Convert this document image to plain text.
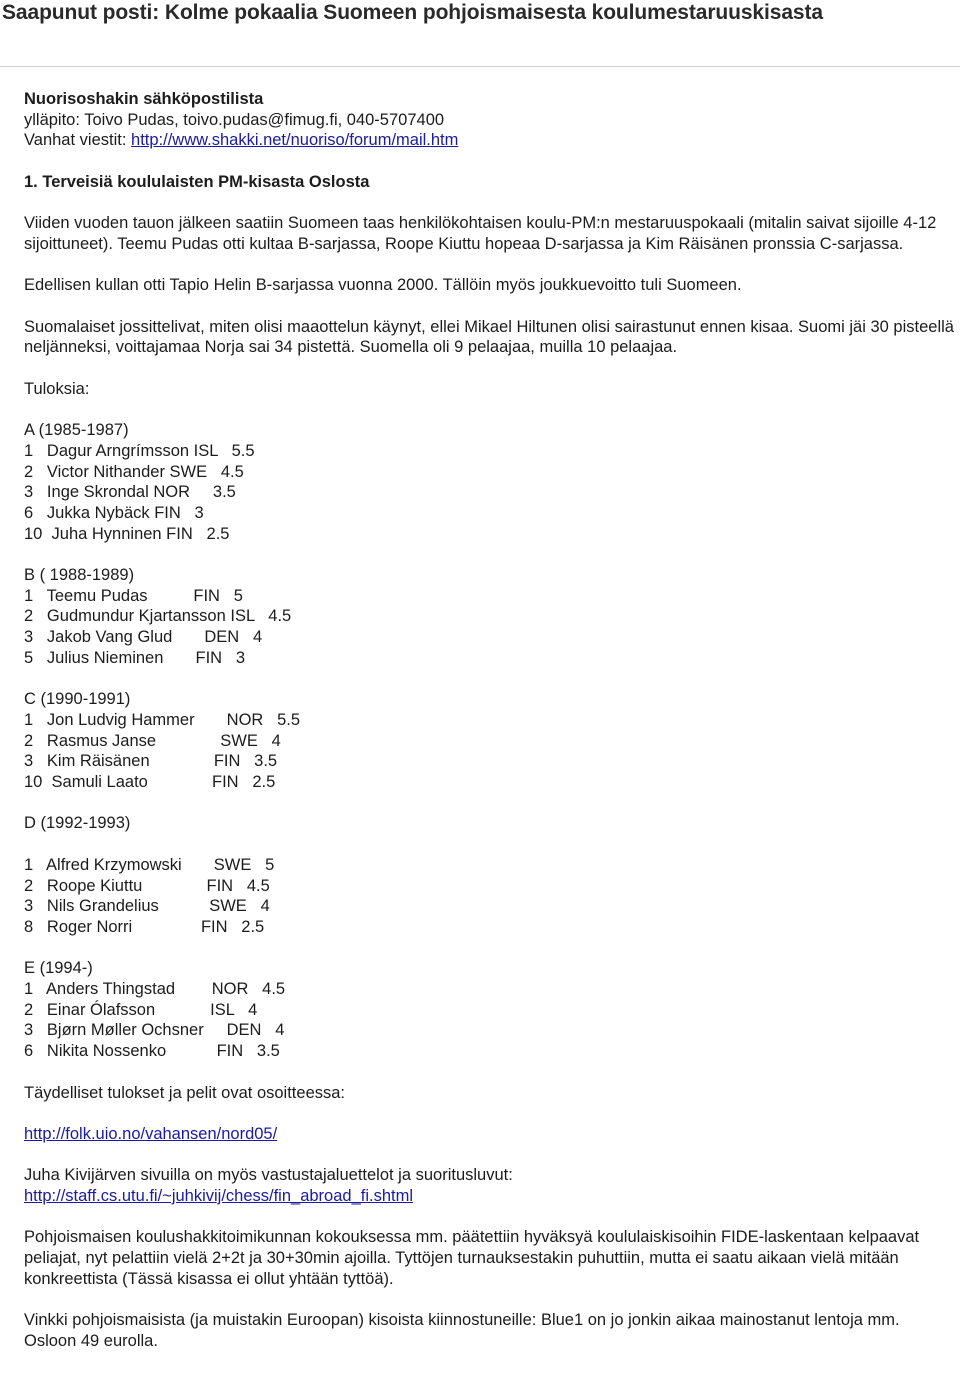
Saapunut posti: Kolme pokaalia Suomeen pohjoismaisesta koulumestaruuskisasta

Nuorisoshakin sähköpostilista

ylläpito: Toivo Pudas, toivo.pudas@fimug.fi, 040-5707400

Vanhat viestit: http://www.shakki.net/nuoriso/forum/mail.htm

1. Terveisiä koululaisten PM-kisasta Oslosta

Viiden vuoden tauon jälkeen saatiin Suomeen taas henkilökohtaisen koulu-PM:n mestaruuspokaali (mitalin saivat sijoille 4-12 sijoittuneet). Teemu Pudas otti kultaa B-sarjassa, Roope Kiuttu hopeaa D-sarjassa ja Kim Räisänen pronssia C-sarjassa.

Edellisen kullan otti Tapio Helin B-sarjassa vuonna 2000. Tällöin myös joukkuevoitto tuli Suomeen.

Suomalaiset jossittelivat, miten olisi maaottelun käynyt, ellei Mikael Hiltunen olisi sairastunut ennen kisaa. Suomi jäi 30 pisteellä neljänneksi, voittajamaa Norja sai 34 pistettä. Suomella oli 9 pelaajaa, muilla 10 pelaajaa.

Tuloksia:

A (1985-1987)

1   Dagur Arngrímsson ISL   5.5

2   Victor Nithander SWE   4.5

3   Inge Skrondal NOR     3.5

6   Jukka Nybäck FIN   3

10  Juha Hynninen FIN   2.5

B ( 1988-1989)

1   Teemu Pudas          FIN   5

2   Gudmundur Kjartansson ISL   4.5

3   Jakob Vang Glud       DEN   4

5   Julius Nieminen       FIN   3

C (1990-1991)

1   Jon Ludvig Hammer       NOR   5.5

2   Rasmus Janse              SWE   4

3   Kim Räisänen              FIN   3.5

10  Samuli Laato              FIN   2.5

D (1992-1993)

1   Alfred Krzymowski       SWE   5

2   Roope Kiuttu              FIN   4.5

3   Nils Grandelius           SWE   4

8   Roger Norri               FIN   2.5

E (1994-)

1   Anders Thingstad        NOR   4.5

2   Einar Ólafsson            ISL   4

3   Bjørn Møller Ochsner     DEN   4

6   Nikita Nossenko           FIN   3.5

Täydelliset tulokset ja pelit ovat osoitteessa:

http://folk.uio.no/vahansen/nord05/

Juha Kivijärven sivuilla on myös vastustajaluettelot ja suoritusluvut:

http://staff.cs.utu.fi/~juhkivij/chess/fin_abroad_fi.shtml

Pohjoismaisen koulushakkitoimikunnan kokouksessa mm. päätettiin hyväksyä koululaiskisoihin FIDE-laskentaan kelpaavat peliajat, nyt pelattiin vielä 2+2t ja 30+30min ajoilla. Tyttöjen turnauksestakin puhuttiin, mutta ei saatu aikaan vielä mitään konkreettista (Tässä kisassa ei ollut yhtään tyttöä).

Vinkki pohjoismaisista (ja muistakin Euroopan) kisoista kiinnostuneille: Blue1 on jo jonkin aikaa mainostanut lentoja mm. Osloon 49 eurolla.
